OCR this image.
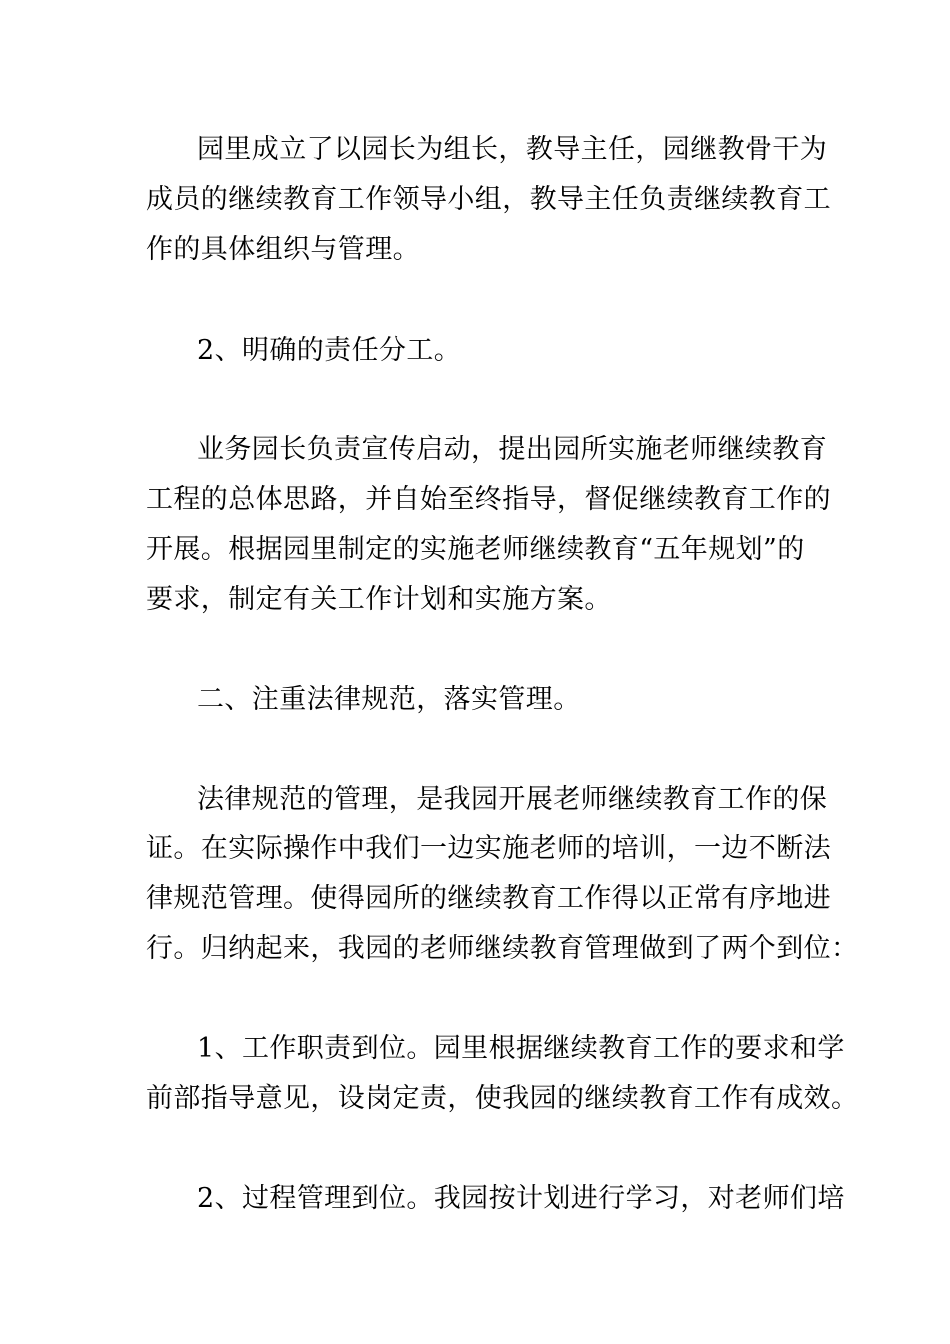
园里成立了以园长为组长，教导主任，园继教骨干为
成员的继续教育工作领导小组，教导主任负责继续教育工
作的具体组织与管理。
2、明确的责任分工。
业务园长负责宣传启动，提出园所实施老师继续教育
工程的总体思路，并自始至终指导，督促继续教育工作的
开展。根据园里制定的实施老师继续教育“五年规划”的
要求，制定有关工作计划和实施方案。
二、注重法律规范，落实管理。
法律规范的管理，是我园开展老师继续教育工作的保
证。在实际操作中我们一边实施老师的培训，一边不断法
律规范管理。使得园所的继续教育工作得以正常有序地进
行。归纳起来，我园的老师继续教育管理做到了两个到位：
1、工作职责到位。园里根据继续教育工作的要求和学
前部指导意见，设岗定责，使我园的继续教育工作有成效。
2、过程管理到位。我园按计划进行学习，对老师们培
